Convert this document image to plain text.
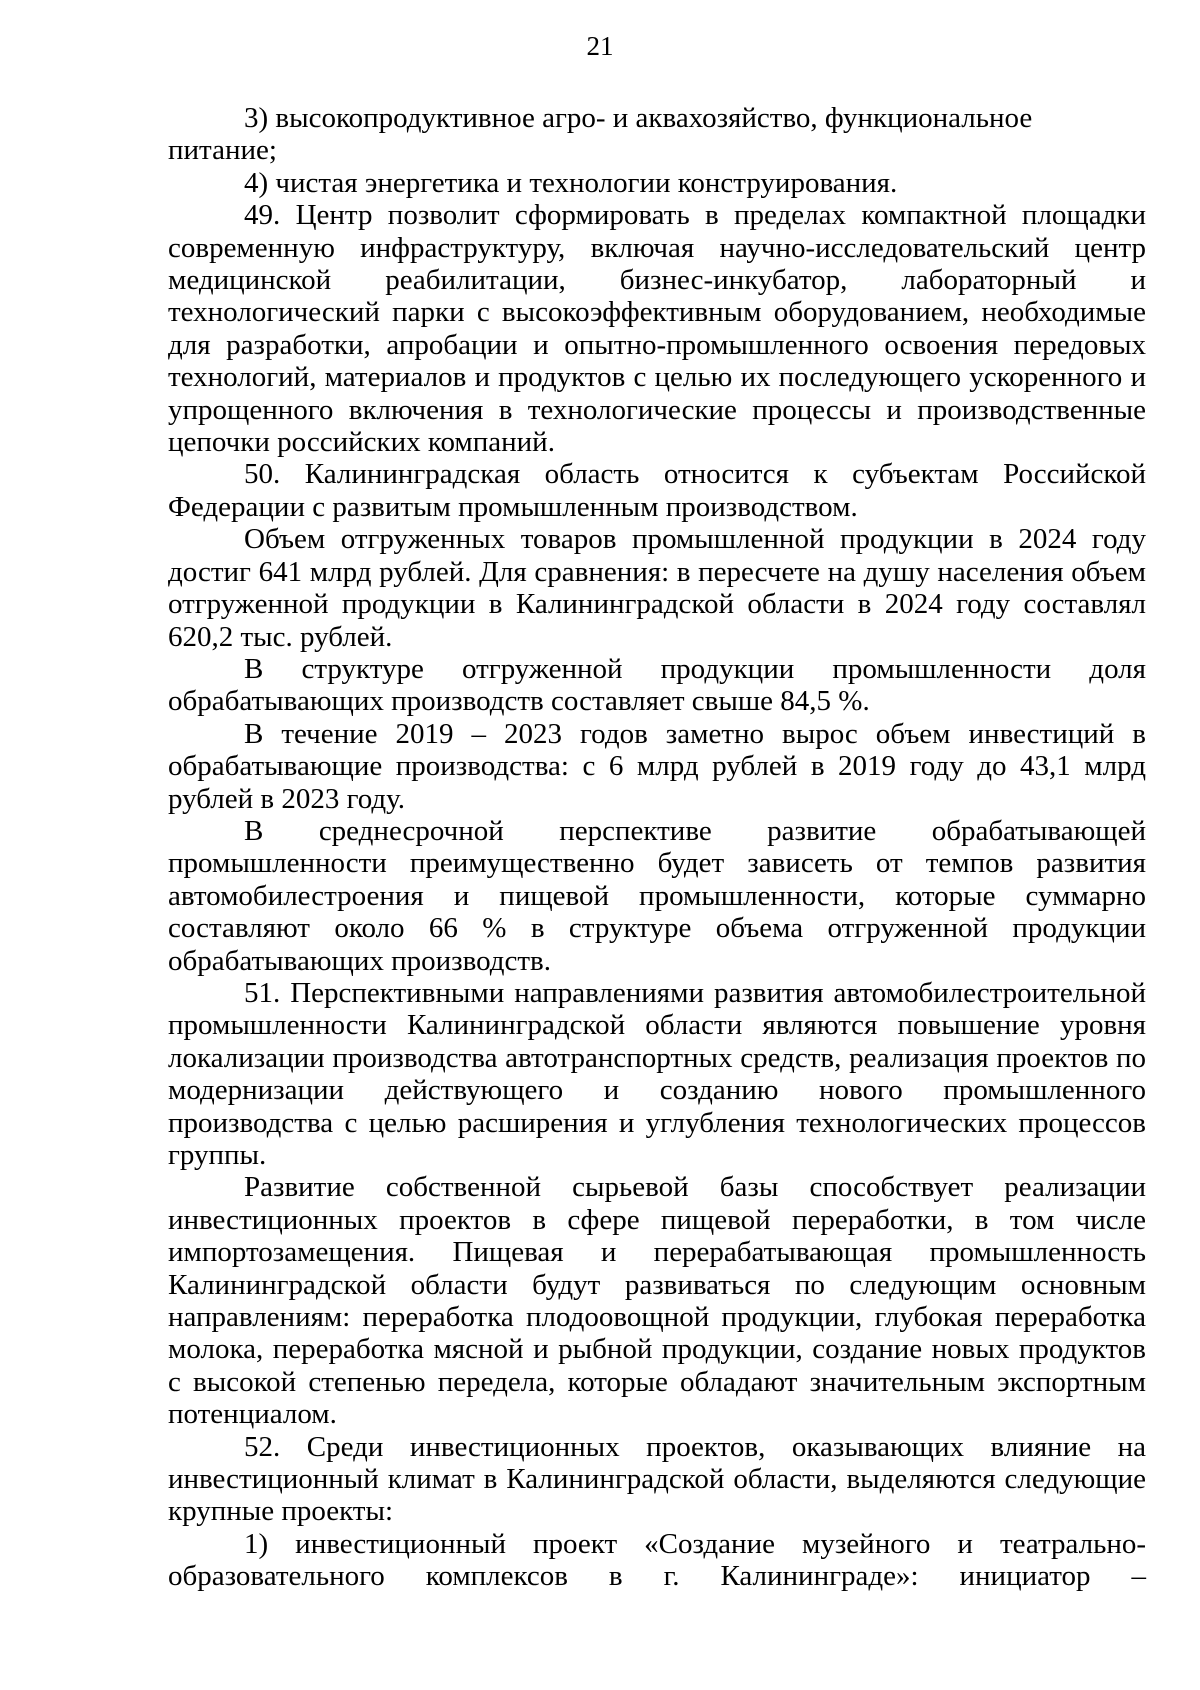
21

3) высокопродуктивное агро- и аквахозяйство, функциональное питание;

4) чистая энергетика и технологии конструирования.

49. Центр позволит сформировать в пределах компактной площадки современную инфраструктуру, включая научно-исследовательский центр медицинской реабилитации, бизнес-инкубатор, лабораторный и технологический парки с высокоэффективным оборудованием, необходимые для разработки, апробации и опытно-промышленного освоения передовых технологий, материалов и продуктов с целью их последующего ускоренного и упрощенного включения в технологические процессы и производственные цепочки российских компаний.

50. Калининградская область относится к субъектам Российской Федерации с развитым промышленным производством.

Объем отгруженных товаров промышленной продукции в 2024 году достиг 641 млрд рублей. Для сравнения: в пересчете на душу населения объем отгруженной продукции в Калининградской области в 2024 году составлял 620,2 тыс. рублей.

В структуре отгруженной продукции промышленности доля обрабатывающих производств составляет свыше 84,5 %.

В течение 2019 – 2023 годов заметно вырос объем инвестиций в обрабатывающие производства: с 6 млрд рублей в 2019 году до 43,1 млрд рублей в 2023 году.

В среднесрочной перспективе развитие обрабатывающей промышленности преимущественно будет зависеть от темпов развития автомобилестроения и пищевой промышленности, которые суммарно составляют около 66 % в структуре объема отгруженной продукции обрабатывающих производств.

51. Перспективными направлениями развития автомобилестроительной промышленности Калининградской области являются повышение уровня локализации производства автотранспортных средств, реализация проектов по модернизации действующего и созданию нового промышленного производства с целью расширения и углубления технологических процессов группы.

Развитие собственной сырьевой базы способствует реализации инвестиционных проектов в сфере пищевой переработки, в том числе импортозамещения. Пищевая и перерабатывающая промышленность Калининградской области будут развиваться по следующим основным направлениям: переработка плодоовощной продукции, глубокая переработка молока, переработка мясной и рыбной продукции, создание новых продуктов с высокой степенью передела, которые обладают значительным экспортным потенциалом.

52. Среди инвестиционных проектов, оказывающих влияние на инвестиционный климат в Калининградской области, выделяются следующие крупные проекты:

1) инвестиционный проект «Создание музейного и театрально-образовательного комплексов в г. Калининграде»: инициатор –
